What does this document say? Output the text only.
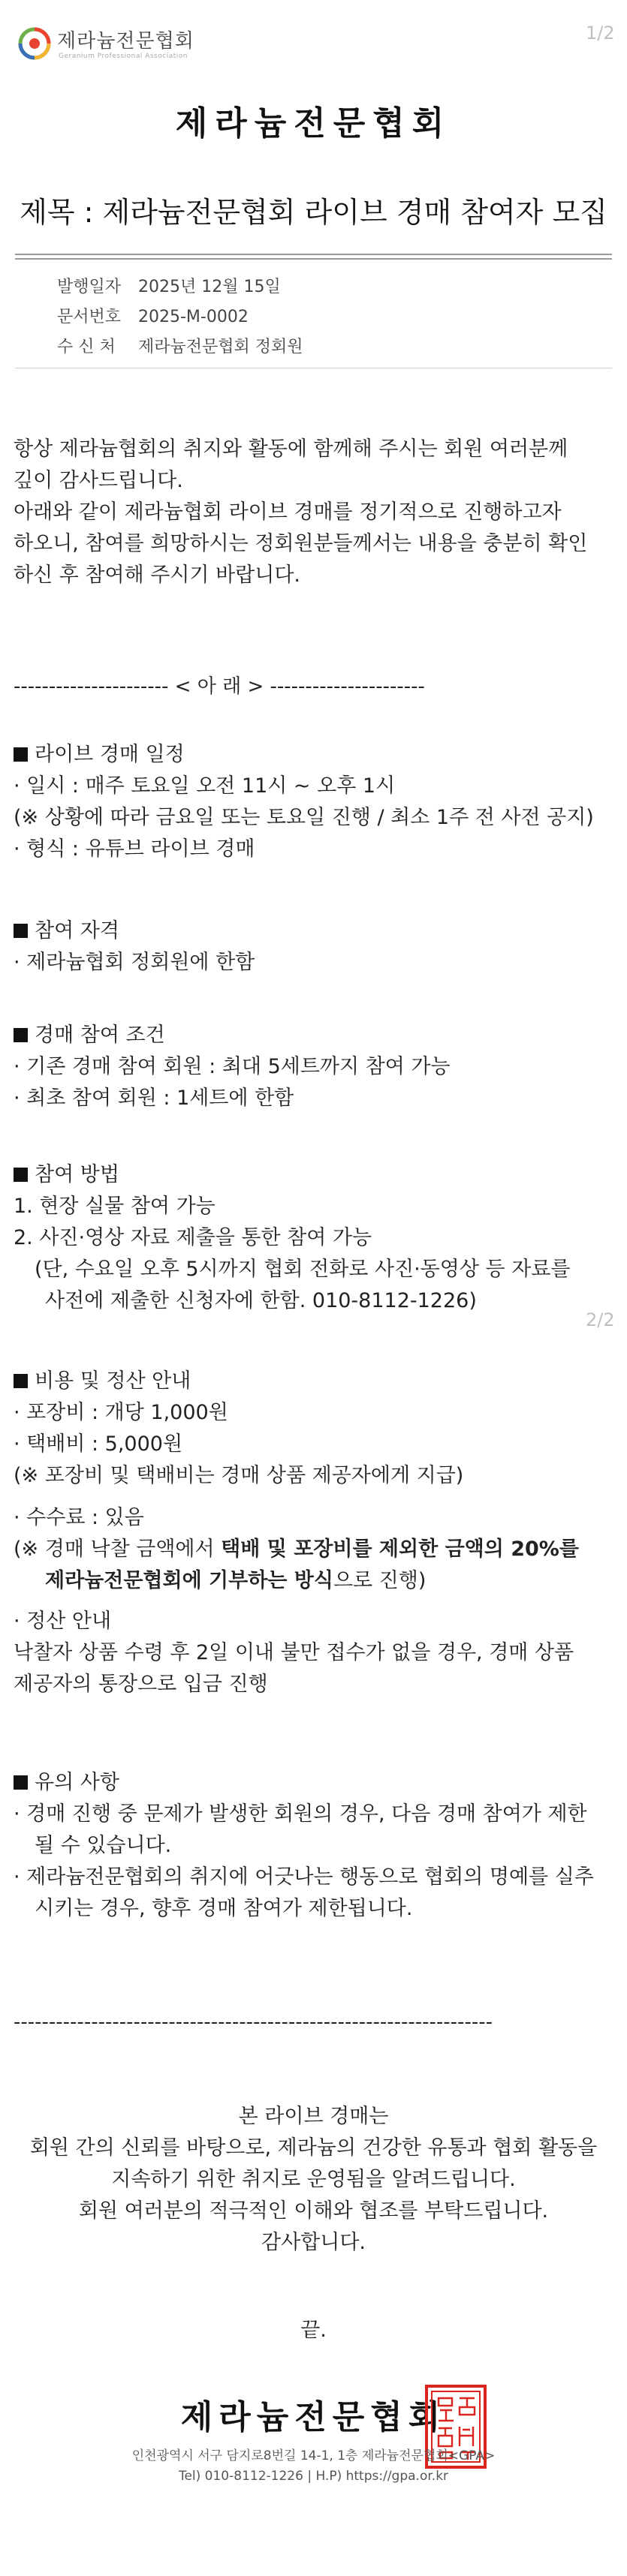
제라늄전문협회
Geranium Professional Association
1/2
제라늄전문협회
제목 : 제라늄전문협회 라이브 경매 참여자 모집
발행일자 2025년 12월 15일
문서번호 2025-M-0002
수 신 처 제라늄전문협회 정회원
항상 제라늄협회의 취지와 활동에 함께해 주시는 회원 여러분께
깊이 감사드립니다.
아래와 같이 제라늄협회 라이브 경매를 정기적으로 진행하고자
하오니, 참여를 희망하시는 정회원분들께서는 내용을 충분히 확인
하신 후 참여해 주시기 바랍니다.
---------------------- < 아 래 > ----------------------
라이브 경매 일정
· 일시 : 매주 토요일 오전 11시 ~ 오후 1시
(※ 상황에 따라 금요일 또는 토요일 진행 / 최소 1주 전 사전 공지)
· 형식 : 유튜브 라이브 경매
참여 자격
· 제라늄협회 정회원에 한함
경매 참여 조건
· 기존 경매 참여 회원 : 최대 5세트까지 참여 가능
· 최초 참여 회원 : 1세트에 한함
참여 방법
1. 현장 실물 참여 가능
2. 사진·영상 자료 제출을 통한 참여 가능
(단, 수요일 오후 5시까지 협회 전화로 사진·동영상 등 자료를
사전에 제출한 신청자에 한함. 010-8112-1226)
2/2
비용 및 정산 안내
· 포장비 : 개당 1,000원
· 택배비 : 5,000원
(※ 포장비 및 택배비는 경매 상품 제공자에게 지급)
· 수수료 : 있음
(※ 경매 낙찰 금액에서 택배 및 포장비를 제외한 금액의 20%를
제라늄전문협회에 기부하는 방식으로 진행)
· 정산 안내
낙찰자 상품 수령 후 2일 이내 불만 접수가 없을 경우, 경매 상품
제공자의 통장으로 입금 진행
유의 사항
· 경매 진행 중 문제가 발생한 회원의 경우, 다음 경매 참여가 제한
될 수 있습니다.
· 제라늄전문협회의 취지에 어긋나는 행동으로 협회의 명예를 실추
시키는 경우, 향후 경매 참여가 제한됩니다.
--------------------------------------------------------------------
본 라이브 경매는
회원 간의 신뢰를 바탕으로, 제라늄의 건강한 유통과 협회 활동을
지속하기 위한 취지로 운영됨을 알려드립니다.
회원 여러분의 적극적인 이해와 협조를 부탁드립니다.
감사합니다.
끝.
제라늄전문협회
인천광역시 서구 담지로8번길 14-1, 1층 제라늄전문협회<GPA>
Tel) 010-8112-1226 | H.P) https://gpa.or.kr
